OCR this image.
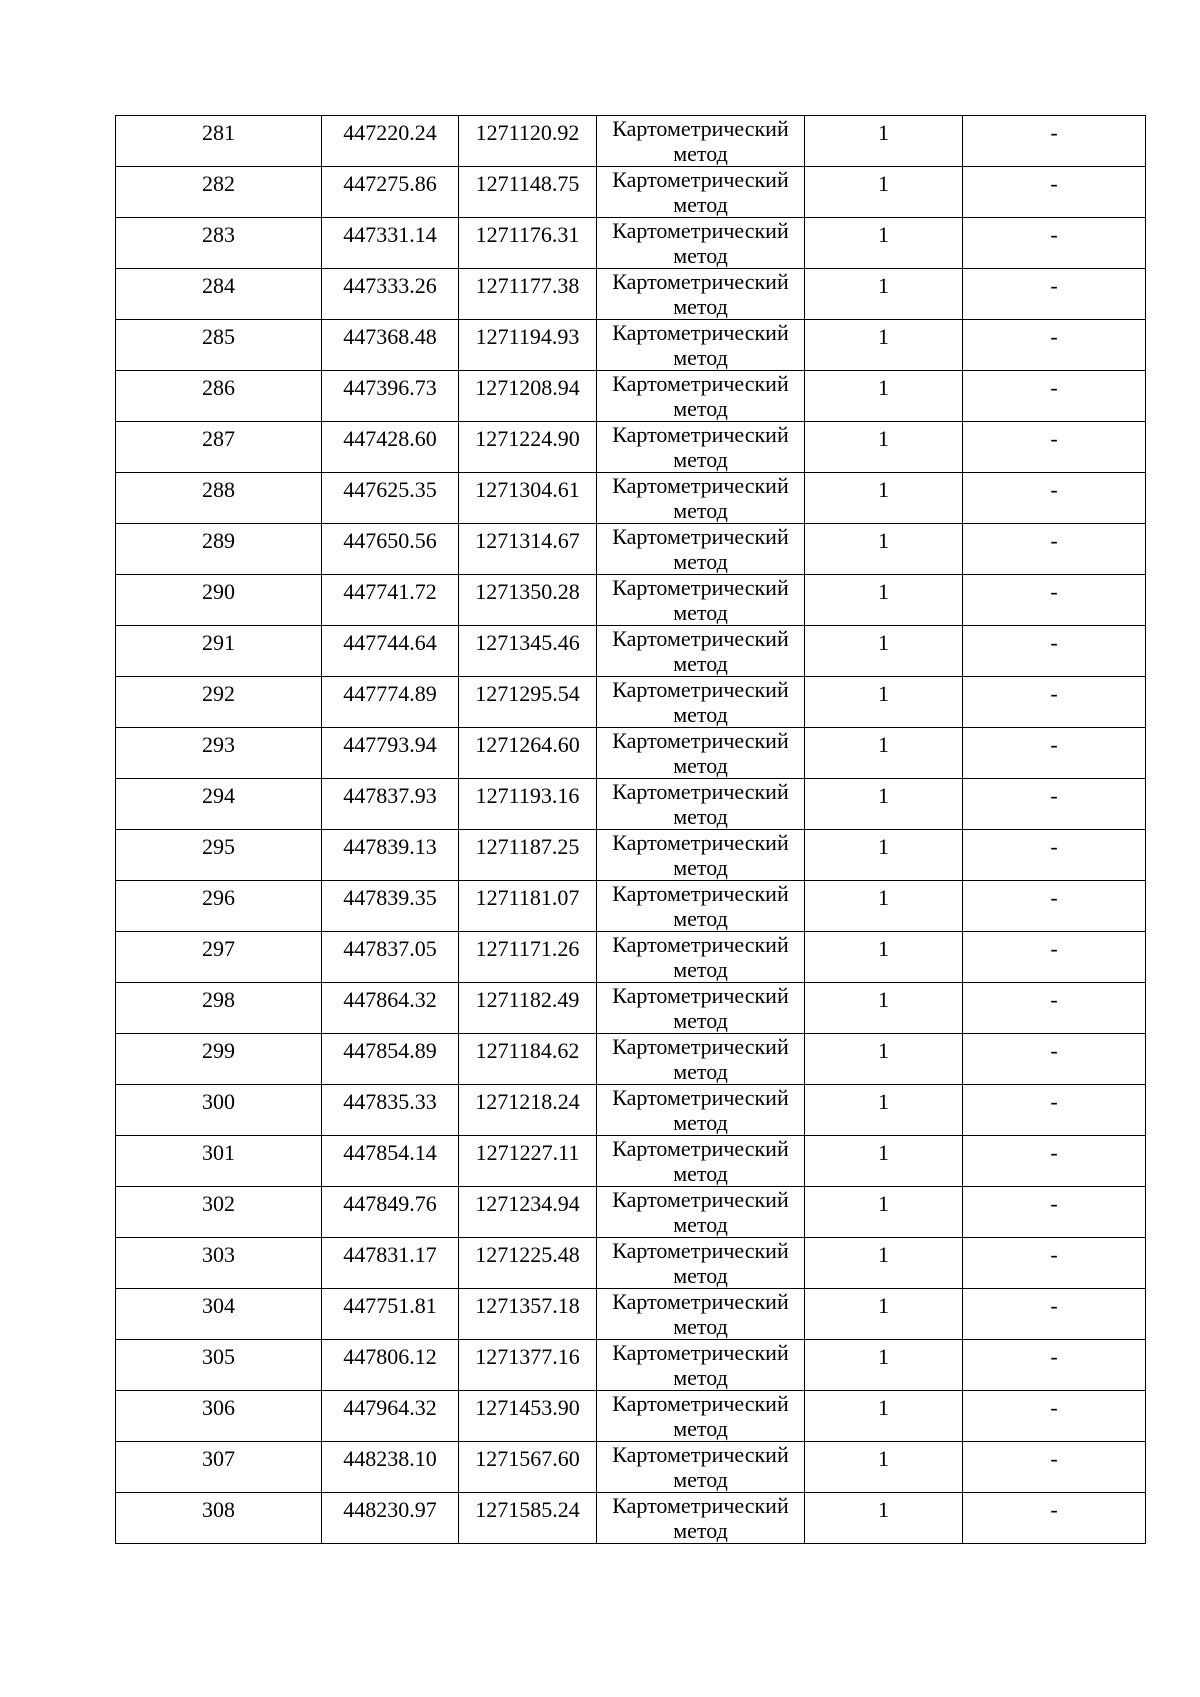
281	447220.24	1271120.92	Картометрический метод	1	-
282	447275.86	1271148.75	Картометрический метод	1	-
283	447331.14	1271176.31	Картометрический метод	1	-
284	447333.26	1271177.38	Картометрический метод	1	-
285	447368.48	1271194.93	Картометрический метод	1	-
286	447396.73	1271208.94	Картометрический метод	1	-
287	447428.60	1271224.90	Картометрический метод	1	-
288	447625.35	1271304.61	Картометрический метод	1	-
289	447650.56	1271314.67	Картометрический метод	1	-
290	447741.72	1271350.28	Картометрический метод	1	-
291	447744.64	1271345.46	Картометрический метод	1	-
292	447774.89	1271295.54	Картометрический метод	1	-
293	447793.94	1271264.60	Картометрический метод	1	-
294	447837.93	1271193.16	Картометрический метод	1	-
295	447839.13	1271187.25	Картометрический метод	1	-
296	447839.35	1271181.07	Картометрический метод	1	-
297	447837.05	1271171.26	Картометрический метод	1	-
298	447864.32	1271182.49	Картометрический метод	1	-
299	447854.89	1271184.62	Картометрический метод	1	-
300	447835.33	1271218.24	Картометрический метод	1	-
301	447854.14	1271227.11	Картометрический метод	1	-
302	447849.76	1271234.94	Картометрический метод	1	-
303	447831.17	1271225.48	Картометрический метод	1	-
304	447751.81	1271357.18	Картометрический метод	1	-
305	447806.12	1271377.16	Картометрический метод	1	-
306	447964.32	1271453.90	Картометрический метод	1	-
307	448238.10	1271567.60	Картометрический метод	1	-
308	448230.97	1271585.24	Картометрический метод	1	-
